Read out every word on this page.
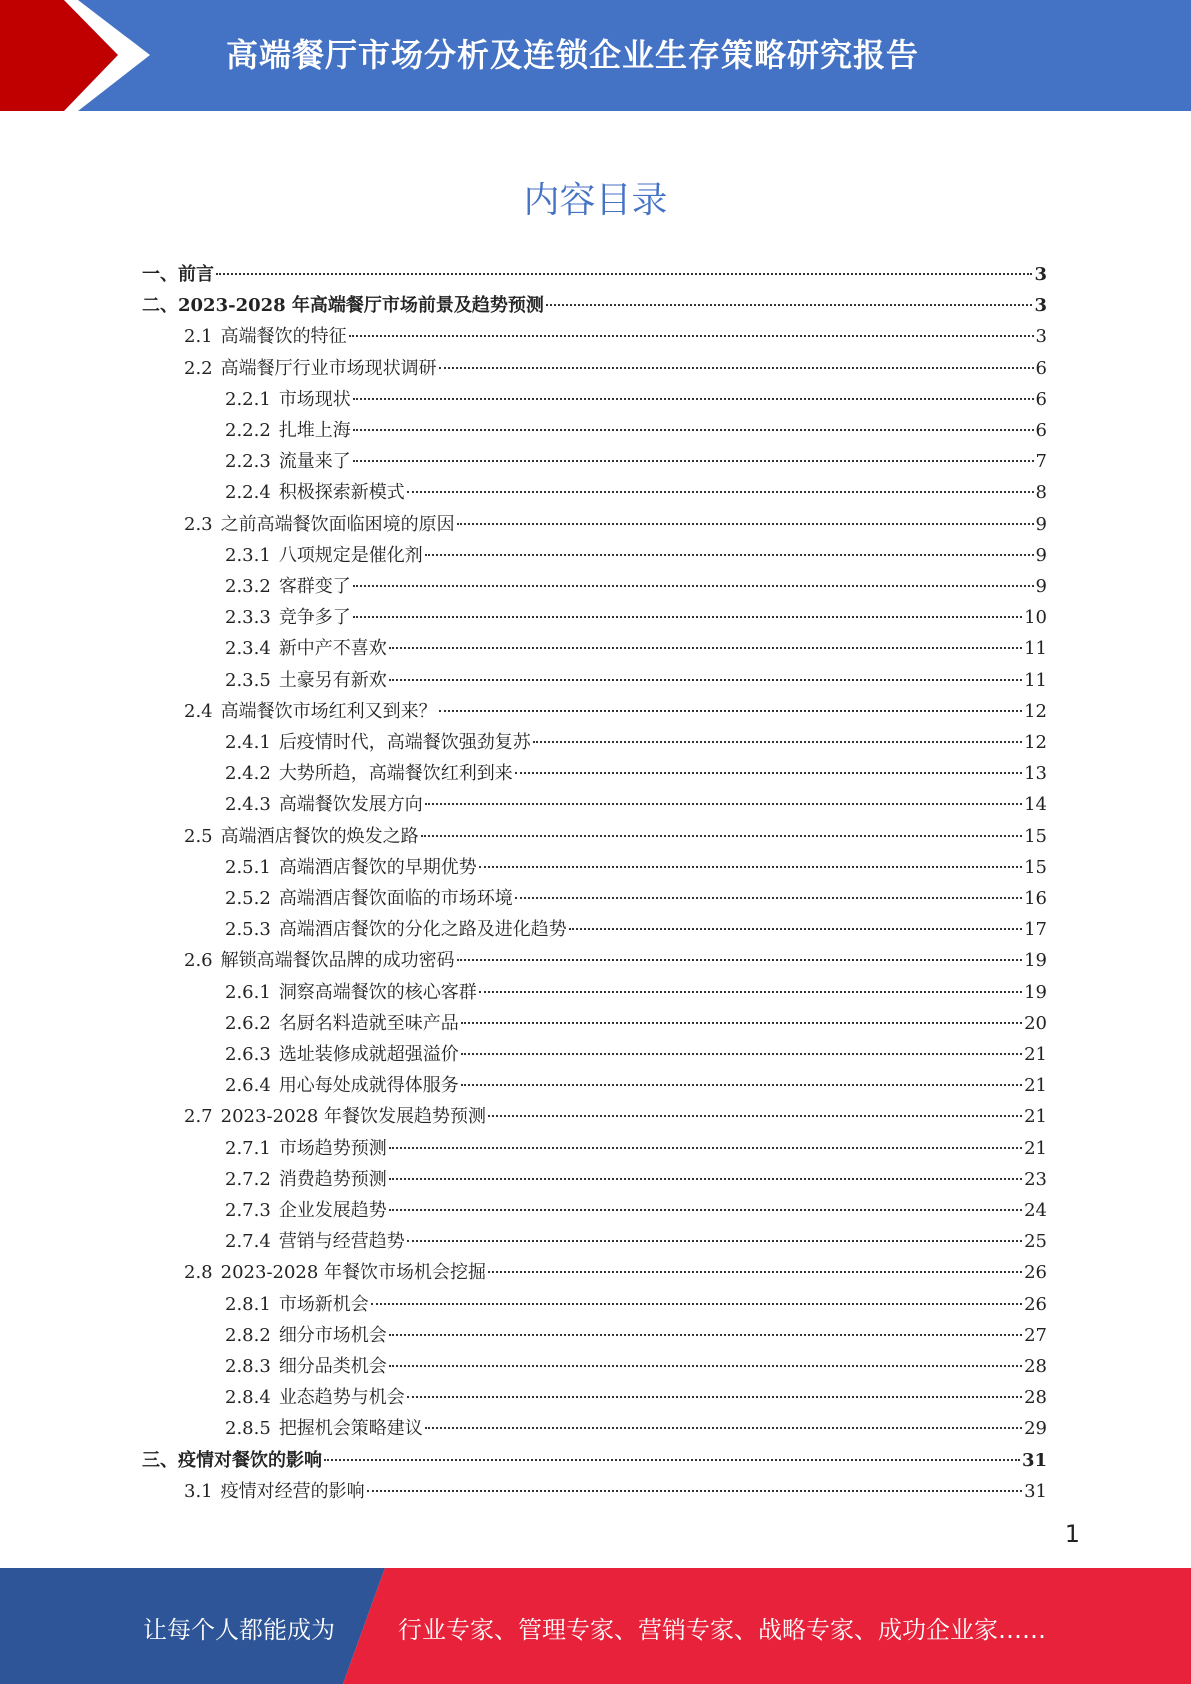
高端餐厅市场分析及连锁企业生存策略研究报告
内容目录
一、 前言	3
二、 2023-2028 年高端餐厅市场前景及趋势预测	3
2.1 高端餐饮的特征	3
2.2 高端餐厅行业市场现状调研	6
2.2.1 市场现状	6
2.2.2 扎堆上海	6
2.2.3 流量来了	7
2.2.4 积极探索新模式	8
2.3 之前高端餐饮面临困境的原因	9
2.3.1 八项规定是催化剂	9
2.3.2 客群变了	9
2.3.3 竞争多了	10
2.3.4 新中产不喜欢	11
2.3.5 土豪另有新欢	11
2.4 高端餐饮市场红利又到来？	12
2.4.1 后疫情时代，高端餐饮强劲复苏	12
2.4.2 大势所趋，高端餐饮红利到来	13
2.4.3 高端餐饮发展方向	14
2.5 高端酒店餐饮的焕发之路	15
2.5.1 高端酒店餐饮的早期优势	15
2.5.2 高端酒店餐饮面临的市场环境	16
2.5.3 高端酒店餐饮的分化之路及进化趋势	17
2.6 解锁高端餐饮品牌的成功密码	19
2.6.1 洞察高端餐饮的核心客群	19
2.6.2 名厨名料造就至味产品	20
2.6.3 选址装修成就超强溢价	21
2.6.4 用心每处成就得体服务	21
2.7 2023-2028 年餐饮发展趋势预测	21
2.7.1 市场趋势预测	21
2.7.2 消费趋势预测	23
2.7.3 企业发展趋势	24
2.7.4 营销与经营趋势	25
2.8 2023-2028 年餐饮市场机会挖掘	26
2.8.1 市场新机会	26
2.8.2 细分市场机会	27
2.8.3 细分品类机会	28
2.8.4 业态趋势与机会	28
2.8.5 把握机会策略建议	29
三、 疫情对餐饮的影响	31
3.1 疫情对经营的影响	31
1
让每个人都能成为	行业专家、管理专家、营销专家、战略专家、成功企业家……
